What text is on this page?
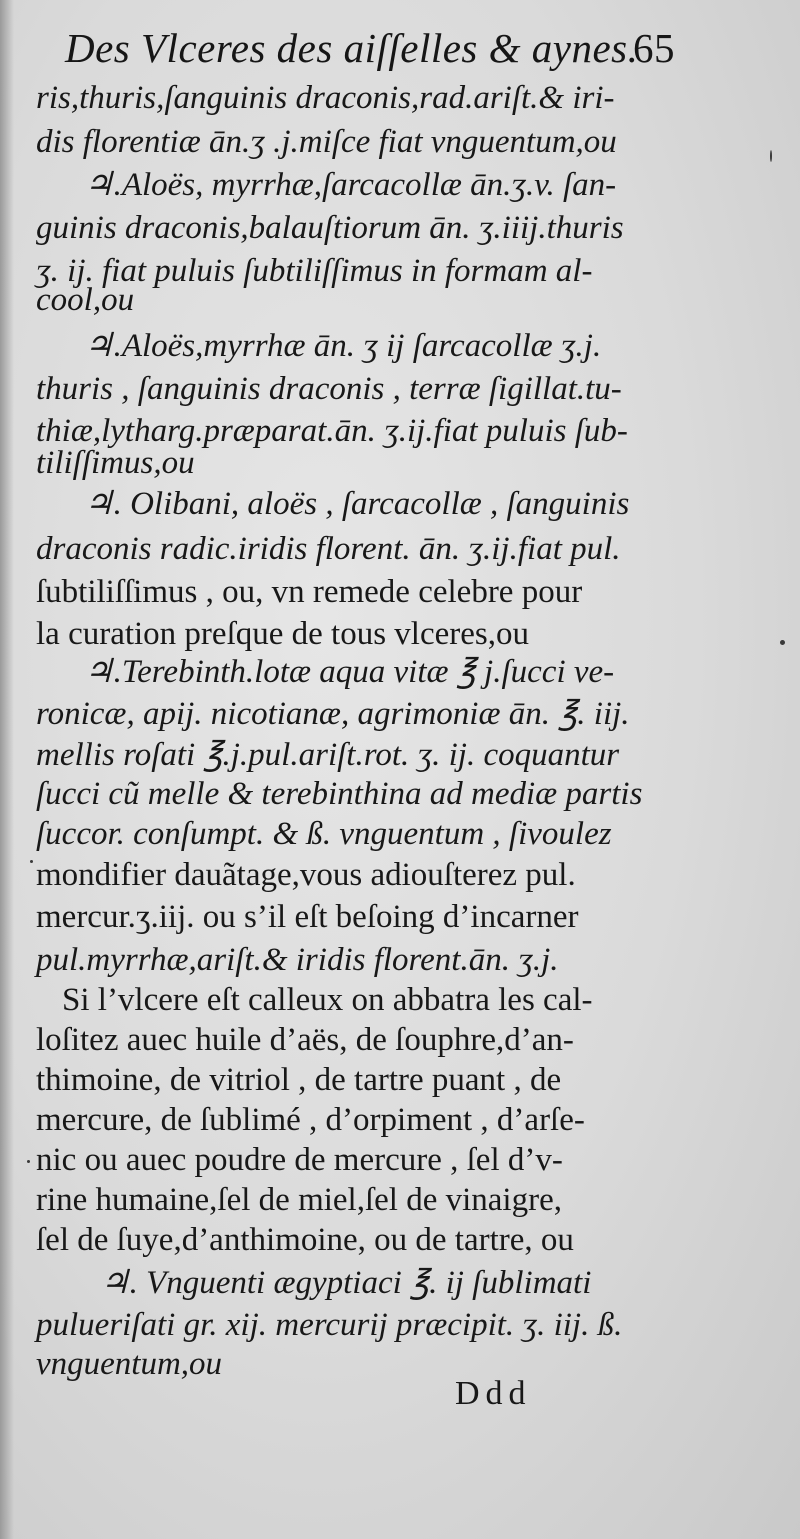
Des Vlceres des aiſſelles & aynes.
65
ris,thuris,ſanguinis draconis,rad.ariſt.& iri-
dis florentiæ ān.ʒ .j.miſce fiat vnguentum,ou
♃.Aloës, myrrhæ,ſarcacollæ ān.ʒ.v. ſan-
guinis draconis,balauſtiorum ān. ʒ.iiij.thuris
ʒ. ij. fiat puluis ſubtiliſſimus in formam al-
cool,ou
♃.Aloës,myrrhæ ān. ʒ ij ſarcacollæ ʒ.j.
thuris , ſanguinis draconis , terræ ſigillat.tu-
thiæ,lytharg.præparat.ān. ʒ.ij.fiat puluis ſub-
tiliſſimus,ou
♃. Olibani, aloës , ſarcacollæ , ſanguinis
draconis radic.iridis florent. ān. ʒ.ij.fiat pul.
ſubtiliſſimus , ou, vn remede celebre pour
la curation preſque de tous vlceres,ou
♃.Terebinth.lotæ aqua vitæ ℥ j.ſucci ve-
ronicæ, apij. nicotianæ, agrimoniæ ān. ℥. iij.
mellis roſati ℥.j.pul.ariſt.rot. ʒ. ij. coquantur
ſucci cũ melle & terebinthina ad mediæ partis
ſuccor. conſumpt. & ß. vnguentum , ſivoulez
mondifier dauãtage,vous adiouſterez pul.
mercur.ʒ.iij. ou s’il eſt beſoing d’incarner
pul.myrrhæ,ariſt.& iridis florent.ān. ʒ.j.
Si l’vlcere eſt calleux on abbatra les cal-
loſitez auec huile d’aës, de ſouphre,d’an-
thimoine, de vitriol , de tartre puant , de
mercure, de ſublimé , d’orpiment , d’arſe-
nic ou auec poudre de mercure , ſel d’v-
rine humaine,ſel de miel,ſel de vinaigre,
ſel de ſuye,d’anthimoine, ou de tartre, ou
♃. Vnguenti ægyptiaci ℥. ij ſublimati
pulueriſati gr. xij. mercurij præcipit. ʒ. iij. ß.
vnguentum,ou
Ddd
